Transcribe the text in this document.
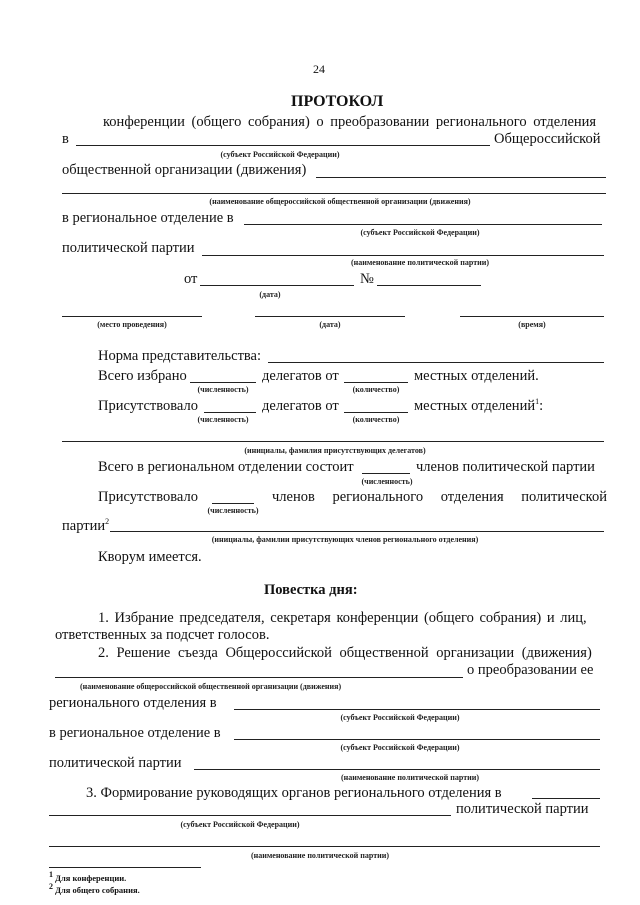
24
ПРОТОКОЛ
конференции (общего собрания) о преобразовании регионального отделения
в	Общероссийской
(субъект Российской Федерации)
общественной организации (движения)
(наименование общероссийской общественной организации (движения)
в региональное отделение в
(субъект Российской Федерации)
политической партии
(наименование политической партии)
от	№
(дата)
(место проведения)	(дата)	(время)
Норма представительства:
Всего избрано	делегатов от	местных отделений.
(численность)	(количество)
Присутствовало	делегатов от	местных отделений$^1$:
(численность)	(количество)
(инициалы, фамилия присутствующих делегатов)
Всего в региональном отделении состоит	членов политической партии
(численность)
Присутствовало	членов регионального отделения политической
(численность)
партии$^2$
(инициалы, фамилии присутствующих членов регионального отделения)
Кворум имеется.
Повестка дня:
1. Избрание председателя, секретаря конференции (общего собрания) и лиц,
ответственных за подсчет голосов.
2. Решение съезда Общероссийской общественной организации (движения)
о преобразовании ее
(наименование общероссийской общественной организации (движения)
регионального отделения в
(субъект Российской Федерации)
в региональное отделение в
(субъект Российской Федерации)
политической партии
(наименование политической партии)
3. Формирование руководящих органов регионального отделения в
политической партии
(субъект Российской Федерации)
(наименование политической партии)
$^1$ Для конференции.
$^2$ Для общего собрания.
